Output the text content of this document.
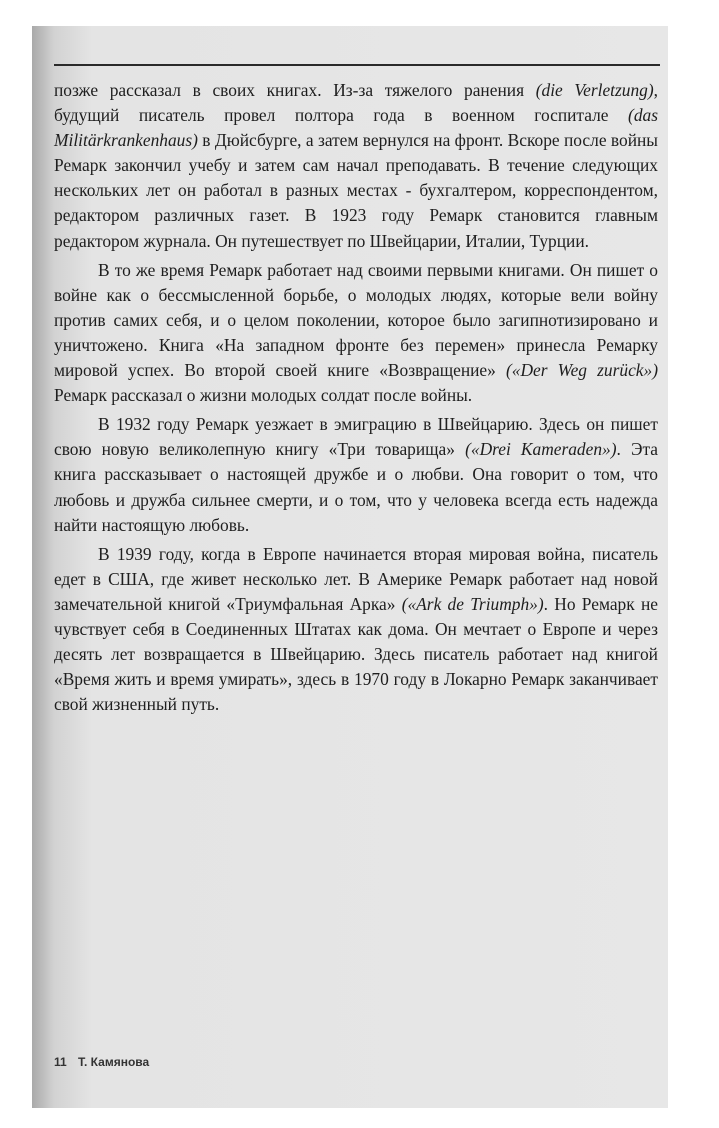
позже рассказал в своих книгах. Из-за тяжелого ранения (die Verletzung), будущий писатель провел полтора года в военном госпитале (das Militärkrankenhaus) в Дюйсбурге, а затем вернулся на фронт. Вскоре после войны Ремарк закончил учебу и затем сам начал преподавать. В течение следующих нескольких лет он работал в разных местах - бухгалтером, корреспондентом, редактором различных газет. В 1923 году Ремарк становится главным редактором журнала. Он путешествует по Швейцарии, Италии, Турции.

В то же время Ремарк работает над своими первыми книгами. Он пишет о войне как о бессмысленной борьбе, о молодых людях, которые вели войну против самих себя, и о целом поколении, которое было загипнотизировано и уничтожено. Книга «На западном фронте без перемен» принесла Ремарку мировой успех. Во второй своей книге «Возвращение» («Der Weg zurück») Ремарк рассказал о жизни молодых солдат после войны.

В 1932 году Ремарк уезжает в эмиграцию в Швейцарию. Здесь он пишет свою новую великолепную книгу «Три товарища» («Drei Kameraden»). Эта книга рассказывает о настоящей дружбе и о любви. Она говорит о том, что любовь и дружба сильнее смерти, и о том, что у человека всегда есть надежда найти настоящую любовь.

В 1939 году, когда в Европе начинается вторая мировая война, писатель едет в США, где живет несколько лет. В Америке Ремарк работает над новой замечательной книгой «Триумфальная Арка» («Ark de Triumph»). Но Ремарк не чувствует себя в Соединенных Штатах как дома. Он мечтает о Европе и через десять лет возвращается в Швейцарию. Здесь писатель работает над книгой «Время жить и время умирать», здесь в 1970 году в Локарно Ремарк заканчивает свой жизненный путь.

11 Т. Камянова
